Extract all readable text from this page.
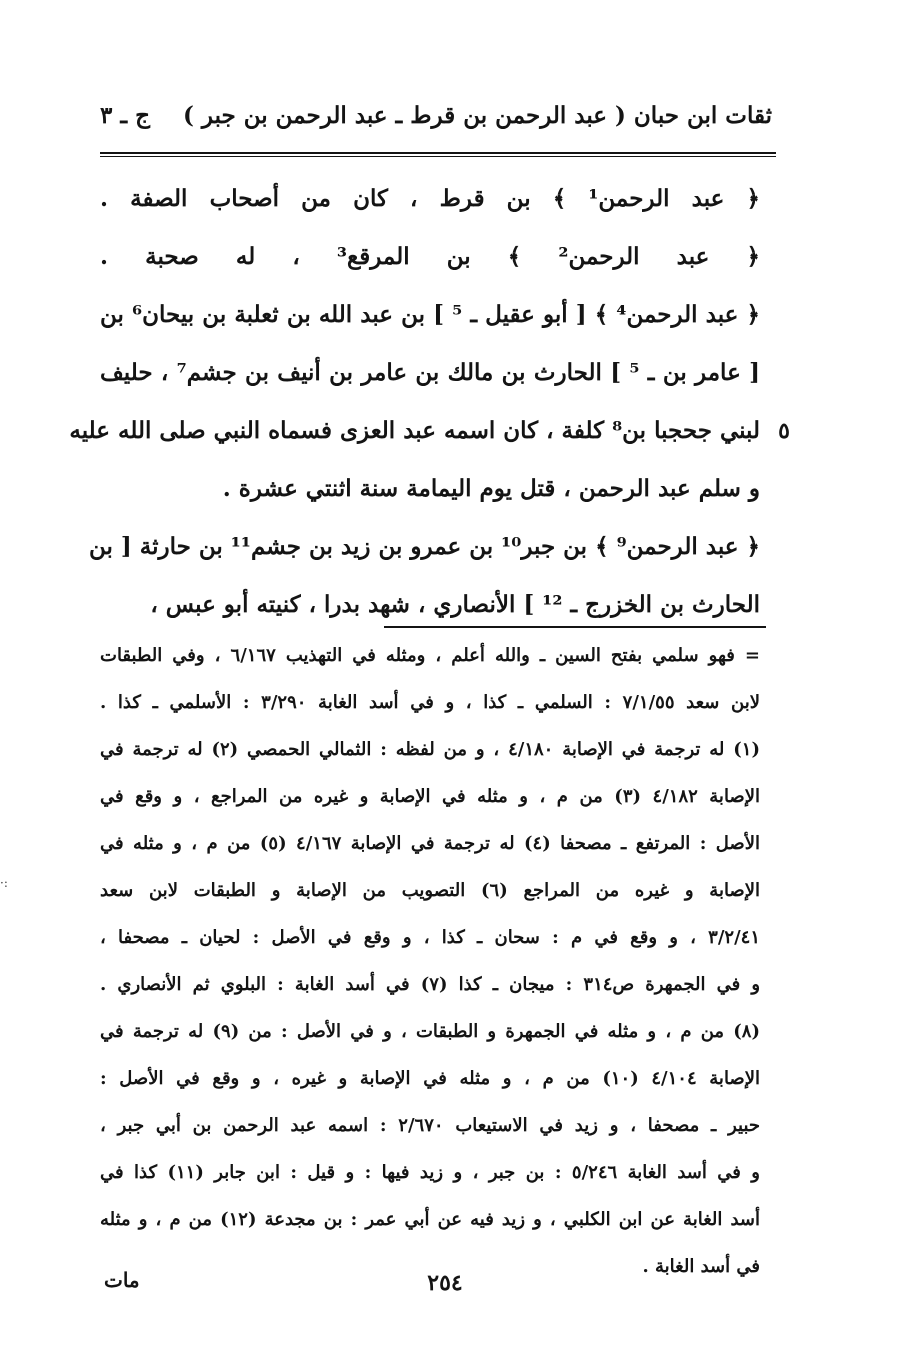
ثقات ابن حبان ( عبد الرحمن بن قرط ـ عبد الرحمن بن جبر )
ج ـ ٣
﴿ عبد الرحمن¹ ﴾ بن قرط ، كان من أصحاب الصفة .
﴿ عبد الرحمن² ﴾ بن المرقع³ ، له صحبة .
﴿ عبد الرحمن⁴ ﴾ [ أبو عقيل ـ ⁵ ] بن عبد الله بن ثعلبة بن بيحان⁶ بن
[ عامر بن ـ ⁵ ] الحارث بن مالك بن عامر بن أنيف بن جشم⁷ ، حليف
٥
لبني جحجبا بن⁸ كلفة ، كان اسمه عبد العزى فسماه النبي صلى الله عليه
و سلم عبد الرحمن ، قتل يوم اليمامة سنة اثنتي عشرة .
﴿ عبد الرحمن⁹ ﴾ بن جبر¹⁰ بن عمرو بن زيد بن جشم¹¹ بن حارثة [ بن
الحارث بن الخزرج ـ ¹² ] الأنصاري ، شهد بدرا ، كنيته أبو عبس ،
= فهو سلمي بفتح السين ـ والله أعلم ، ومثله في التهذيب ٦/١٦٧ ، وفي الطبقات
لابن سعد ٧/١/٥٥ : السلمي ـ كذا ، و في أسد الغابة ٣/٢٩٠ : الأسلمي ـ كذا .
(١) له ترجمة في الإصابة ٤/١٨٠ ، و من لفظه : الثمالي الحمصي (٢) له ترجمة في
الإصابة ٤/١٨٢ (٣) من م ، و مثله في الإصابة و غيره من المراجع ، و وقع في
الأصل : المرتفع ـ مصحفا (٤) له ترجمة في الإصابة ٤/١٦٧ (٥) من م ، و مثله في
الإصابة و غيره من المراجع (٦) التصويب من الإصابة و الطبقات لابن سعد
٣/٢/٤١ ، و وقع في م : سحان ـ كذا ، و وقع في الأصل : لحيان ـ مصحفا ،
و في الجمهرة ص٣١٤ : ميجان ـ كذا (٧) في أسد الغابة : البلوي ثم الأنصاري .
(٨) من م ، و مثله في الجمهرة و الطبقات ، و في الأصل : من (٩) له ترجمة في
الإصابة ٤/١٠٤ (١٠) من م ، و مثله في الإصابة و غيره ، و وقع في الأصل :
حبير ـ مصحفا ، و زيد في الاستيعاب ٢/٦٧٠ : اسمه عبد الرحمن بن أبي جبر ،
و في أسد الغابة ٥/٢٤٦ : بن جبر ، و زيد فيها : و قيل : ابن جابر (١١) كذا في
أسد الغابة عن ابن الكلبي ، و زيد فيه عن أبي عمر : بن مجدعة (١٢) من م ، و مثله
في أسد الغابة .
٢٥٤
مات
·:
